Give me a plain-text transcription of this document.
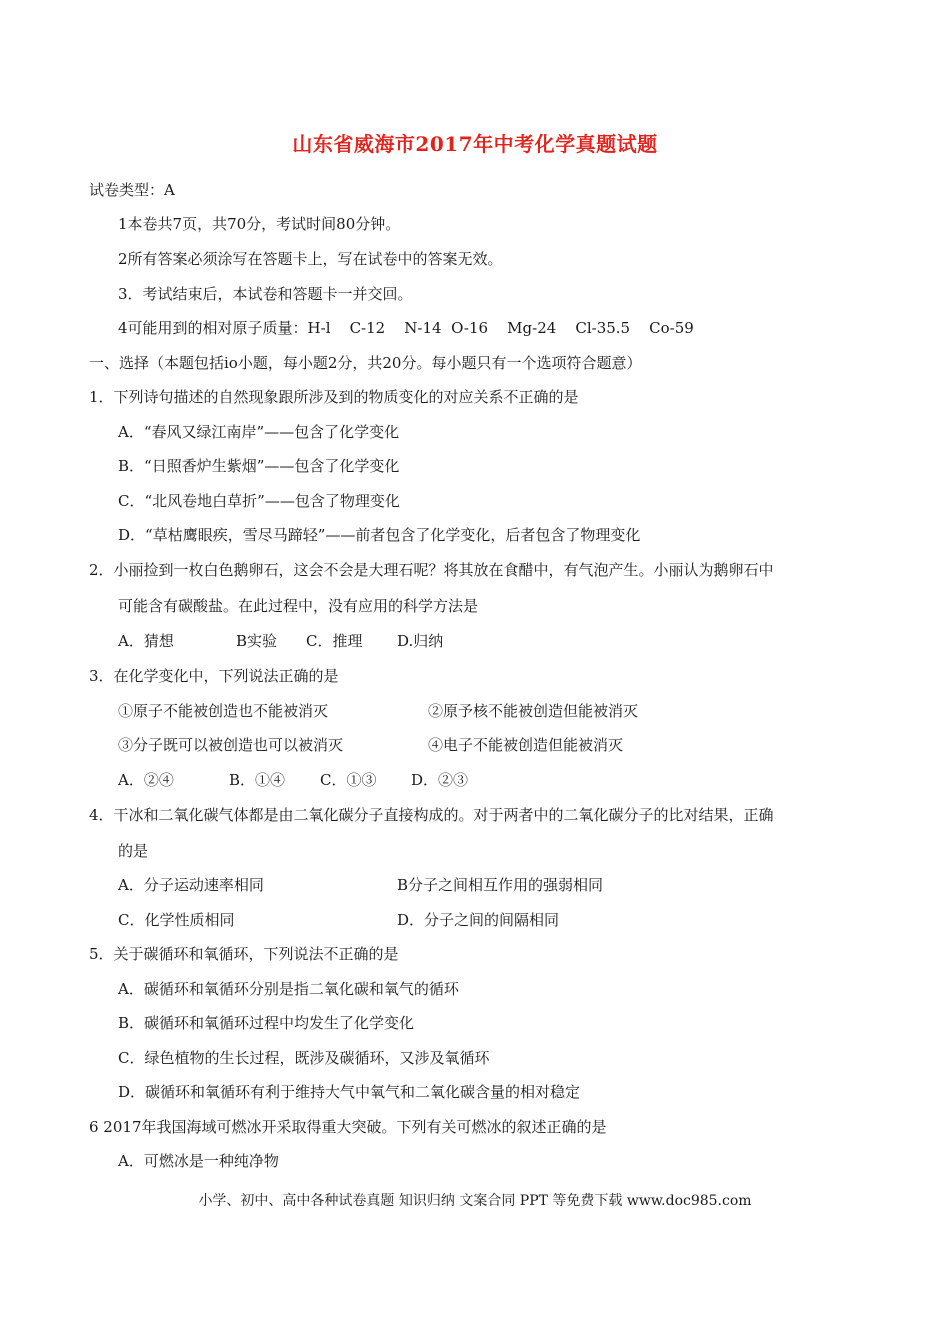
山东省威海市2017年中考化学真题试题
试卷类型：A
1本卷共7页，共70分，考试时间80分钟。
2所有答案必须涂写在答题卡上，写在试卷中的答案无效。
3．考试结束后，本试卷和答题卡一并交回。
4可能用到的相对原子质量：H-l    C-12    N-14  O-16    Mg-24    Cl-35.5    Co-59
一、选择（本题包括io小题，每小题2分，共20分。每小题只有一个选项符合题意）
1．下列诗句描述的自然现象跟所涉及到的物质变化的对应关系不正确的是
A．“春风又绿江南岸”——包含了化学变化
B．“日照香炉生紫烟”——包含了化学变化
C．“北风卷地白草折”——包含了物理变化
D．“草枯鹰眼疾，雪尽马蹄轻”——前者包含了化学变化，后者包含了物理变化
2．小丽捡到一枚白色鹅卵石，这会不会是大理石呢？将其放在食醋中，有气泡产生。小丽认为鹅卵石中
可能含有碳酸盐。在此过程中，没有应用的科学方法是
A．猜想	B实验 C．推理 D.归纳
3．在化学变化中，下列说法正确的是
①原子不能被创造也不能被消灭	②原予核不能被创造但能被消灭
③分子既可以被创造也可以被消灭	④电子不能被创造但能被消灭
A．②④	B．①④ C．①③ D．②③
4．干冰和二氧化碳气体都是由二氧化碳分子直接构成的。对于两者中的二氧化碳分子的比对结果，正确
的是
A．分子运动速率相同	B分子之间相互作用的强弱相同
C．化学性质相同	D．分子之间的间隔相同
5．关于碳循环和氧循环，下列说法不正确的是
A．碳循环和氧循环分别是指二氧化碳和氧气的循环
B．碳循环和氧循环过程中均发生了化学变化
C．绿色植物的生长过程，既涉及碳循环，又涉及氧循环
D．碳循环和氧循环有利于维持大气中氧气和二氧化碳含量的相对稳定
6 2017年我国海域可燃冰开采取得重大突破。下列有关可燃冰的叙述正确的是
A．可燃冰是一种纯净物
小学、初中、高中各种试卷真题 知识归纳 文案合同 PPT 等免费下载 www.doc985.com
